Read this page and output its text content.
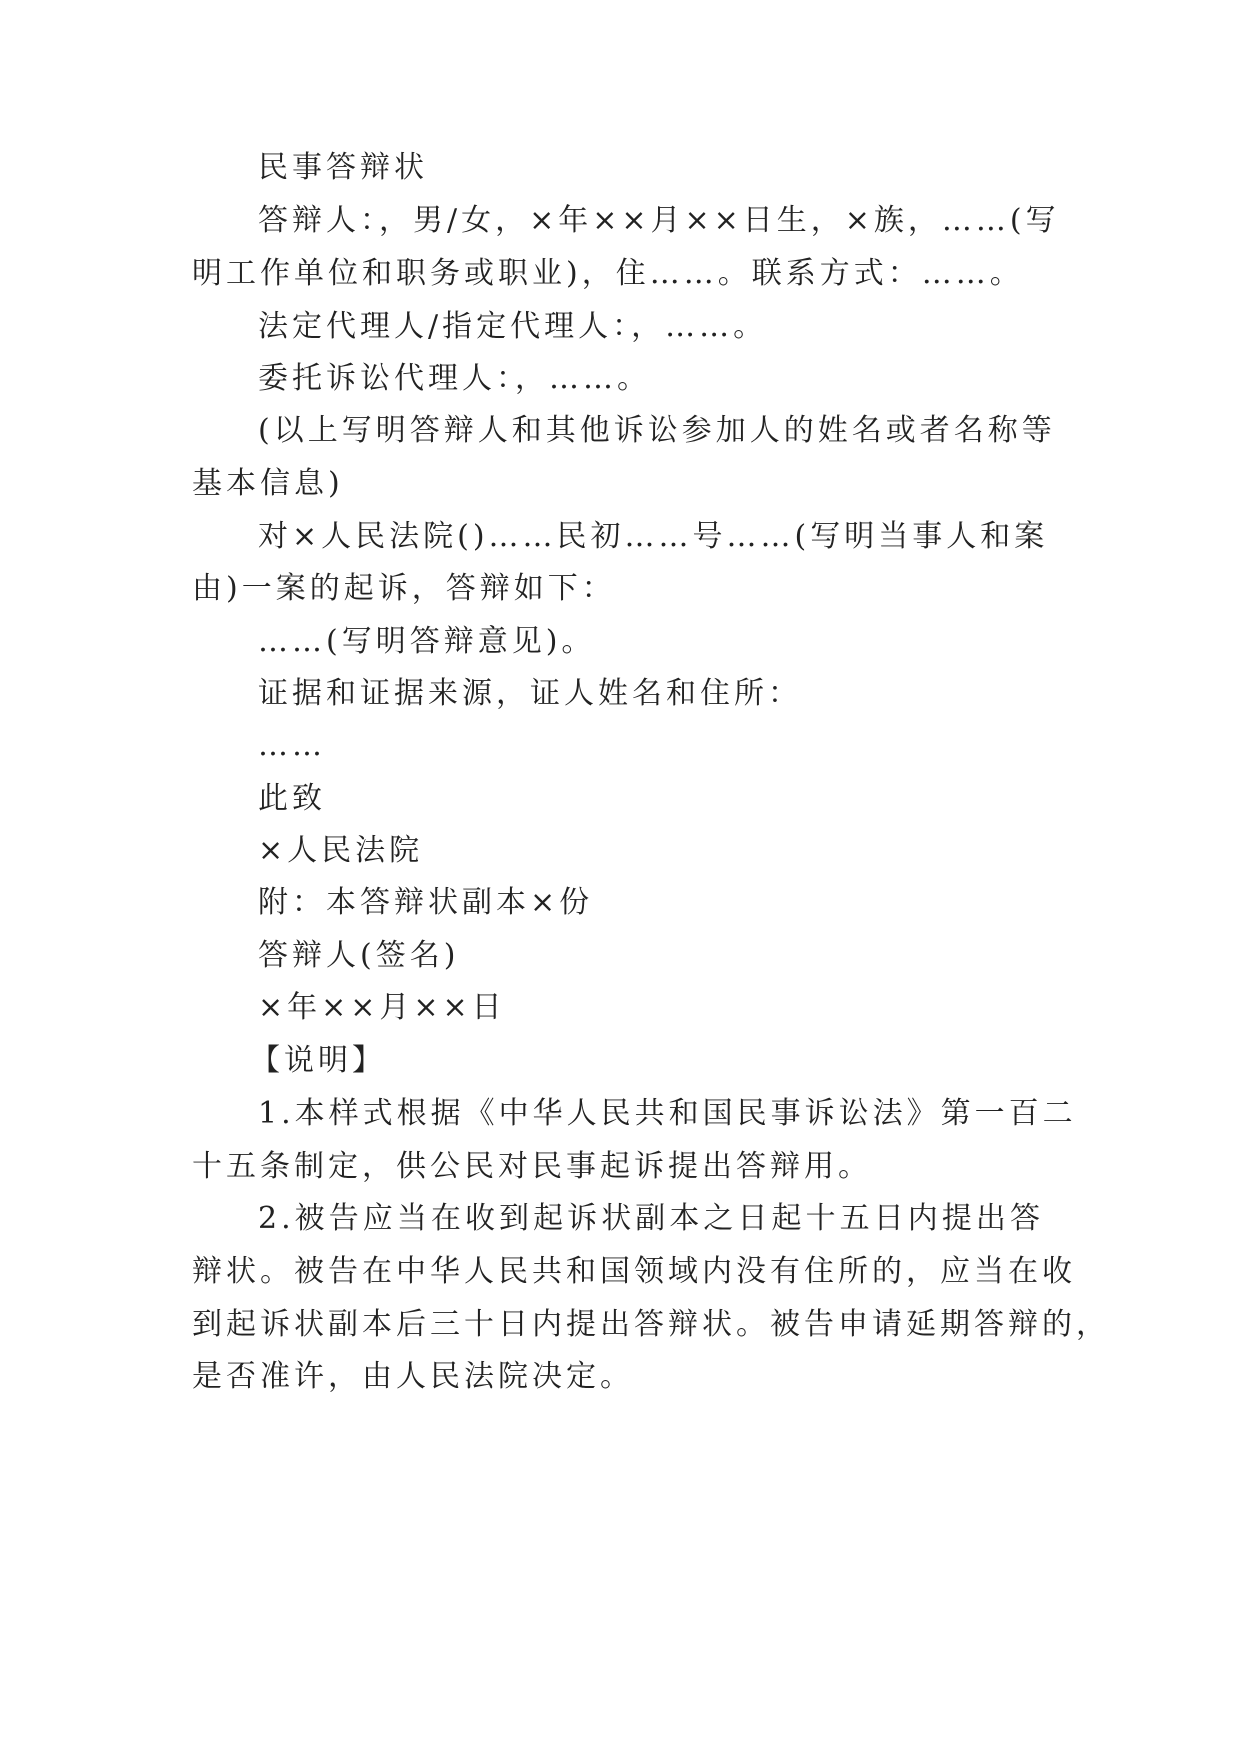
民事答辩状
答辩人：，男/女，×年××月××日生，×族，……(写
明工作单位和职务或职业)，住……。联系方式：……。
法定代理人/指定代理人：，……。
委托诉讼代理人：，……。
(以上写明答辩人和其他诉讼参加人的姓名或者名称等
基本信息)
对×人民法院()……民初……号……(写明当事人和案
由)一案的起诉，答辩如下：
……(写明答辩意见)。
证据和证据来源，证人姓名和住所：
……
此致
×人民法院
附：本答辩状副本×份
答辩人(签名)
×年××月××日
【说明】
1.本样式根据《中华人民共和国民事诉讼法》第一百二
十五条制定，供公民对民事起诉提出答辩用。
2.被告应当在收到起诉状副本之日起十五日内提出答
辩状。被告在中华人民共和国领域内没有住所的，应当在收
到起诉状副本后三十日内提出答辩状。被告申请延期答辩的，
是否准许，由人民法院决定。
